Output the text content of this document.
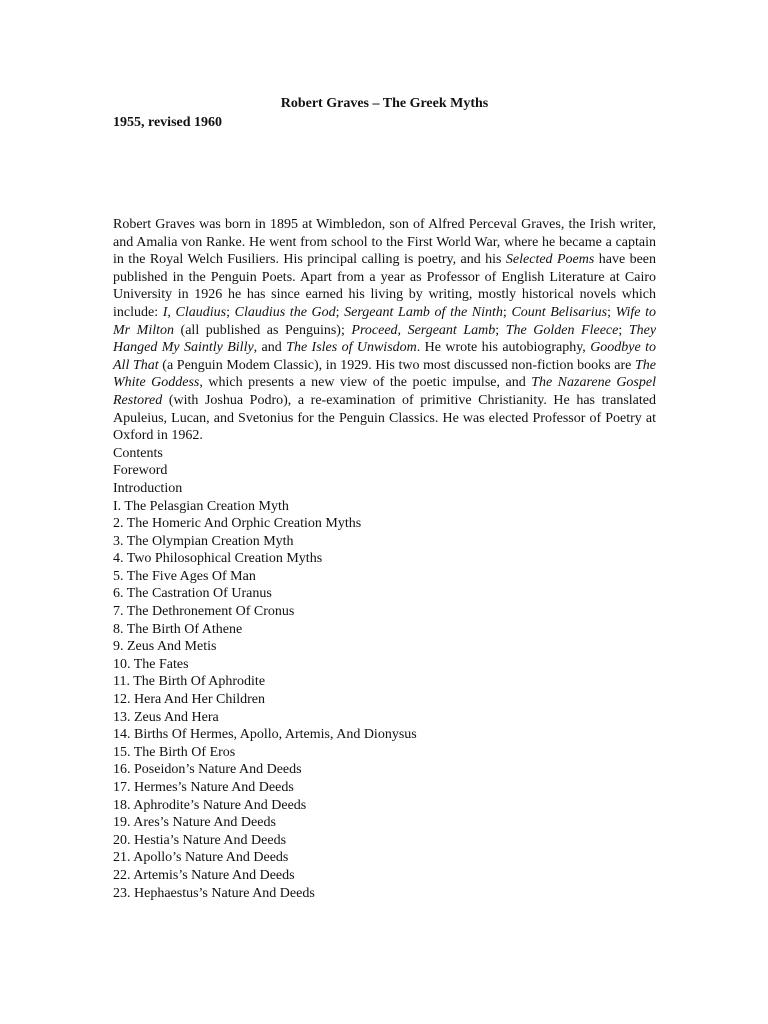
Robert Graves – The Greek Myths
1955, revised 1960

Robert Graves was born in 1895 at Wimbledon, son of Alfred Perceval Graves, the Irish writer, and Amalia von Ranke. He went from school to the First World War, where he became a captain in the Royal Welch Fusiliers. His principal calling is poetry, and his Selected Poems have been published in the Penguin Poets. Apart from a year as Professor of English Literature at Cairo University in 1926 he has since earned his living by writing, mostly historical novels which include: I, Claudius; Claudius the God; Sergeant Lamb of the Ninth; Count Belisarius; Wife to Mr Milton (all published as Penguins); Proceed, Sergeant Lamb; The Golden Fleece; They Hanged My Saintly Billy, and The Isles of Unwisdom. He wrote his autobiography, Goodbye to All That (a Penguin Modem Classic), in 1929. His two most discussed non-fiction books are The White Goddess, which presents a new view of the poetic impulse, and The Nazarene Gospel Restored (with Joshua Podro), a re-examination of primitive Christianity. He has translated Apuleius, Lucan, and Svetonius for the Penguin Classics. He was elected Professor of Poetry at Oxford in 1962.

Contents
Foreword
Introduction
I. The Pelasgian Creation Myth
2. The Homeric And Orphic Creation Myths
3. The Olympian Creation Myth
4. Two Philosophical Creation Myths
5. The Five Ages Of Man
6. The Castration Of Uranus
7. The Dethronement Of Cronus
8. The Birth Of Athene
9. Zeus And Metis
10. The Fates
11. The Birth Of Aphrodite
12. Hera And Her Children
13. Zeus And Hera
14. Births Of Hermes, Apollo, Artemis, And Dionysus
15. The Birth Of Eros
16. Poseidon’s Nature And Deeds
17. Hermes’s Nature And Deeds
18. Aphrodite’s Nature And Deeds
19. Ares’s Nature And Deeds
20. Hestia’s Nature And Deeds
21. Apollo’s Nature And Deeds
22. Artemis’s Nature And Deeds
23. Hephaestus’s Nature And Deeds
